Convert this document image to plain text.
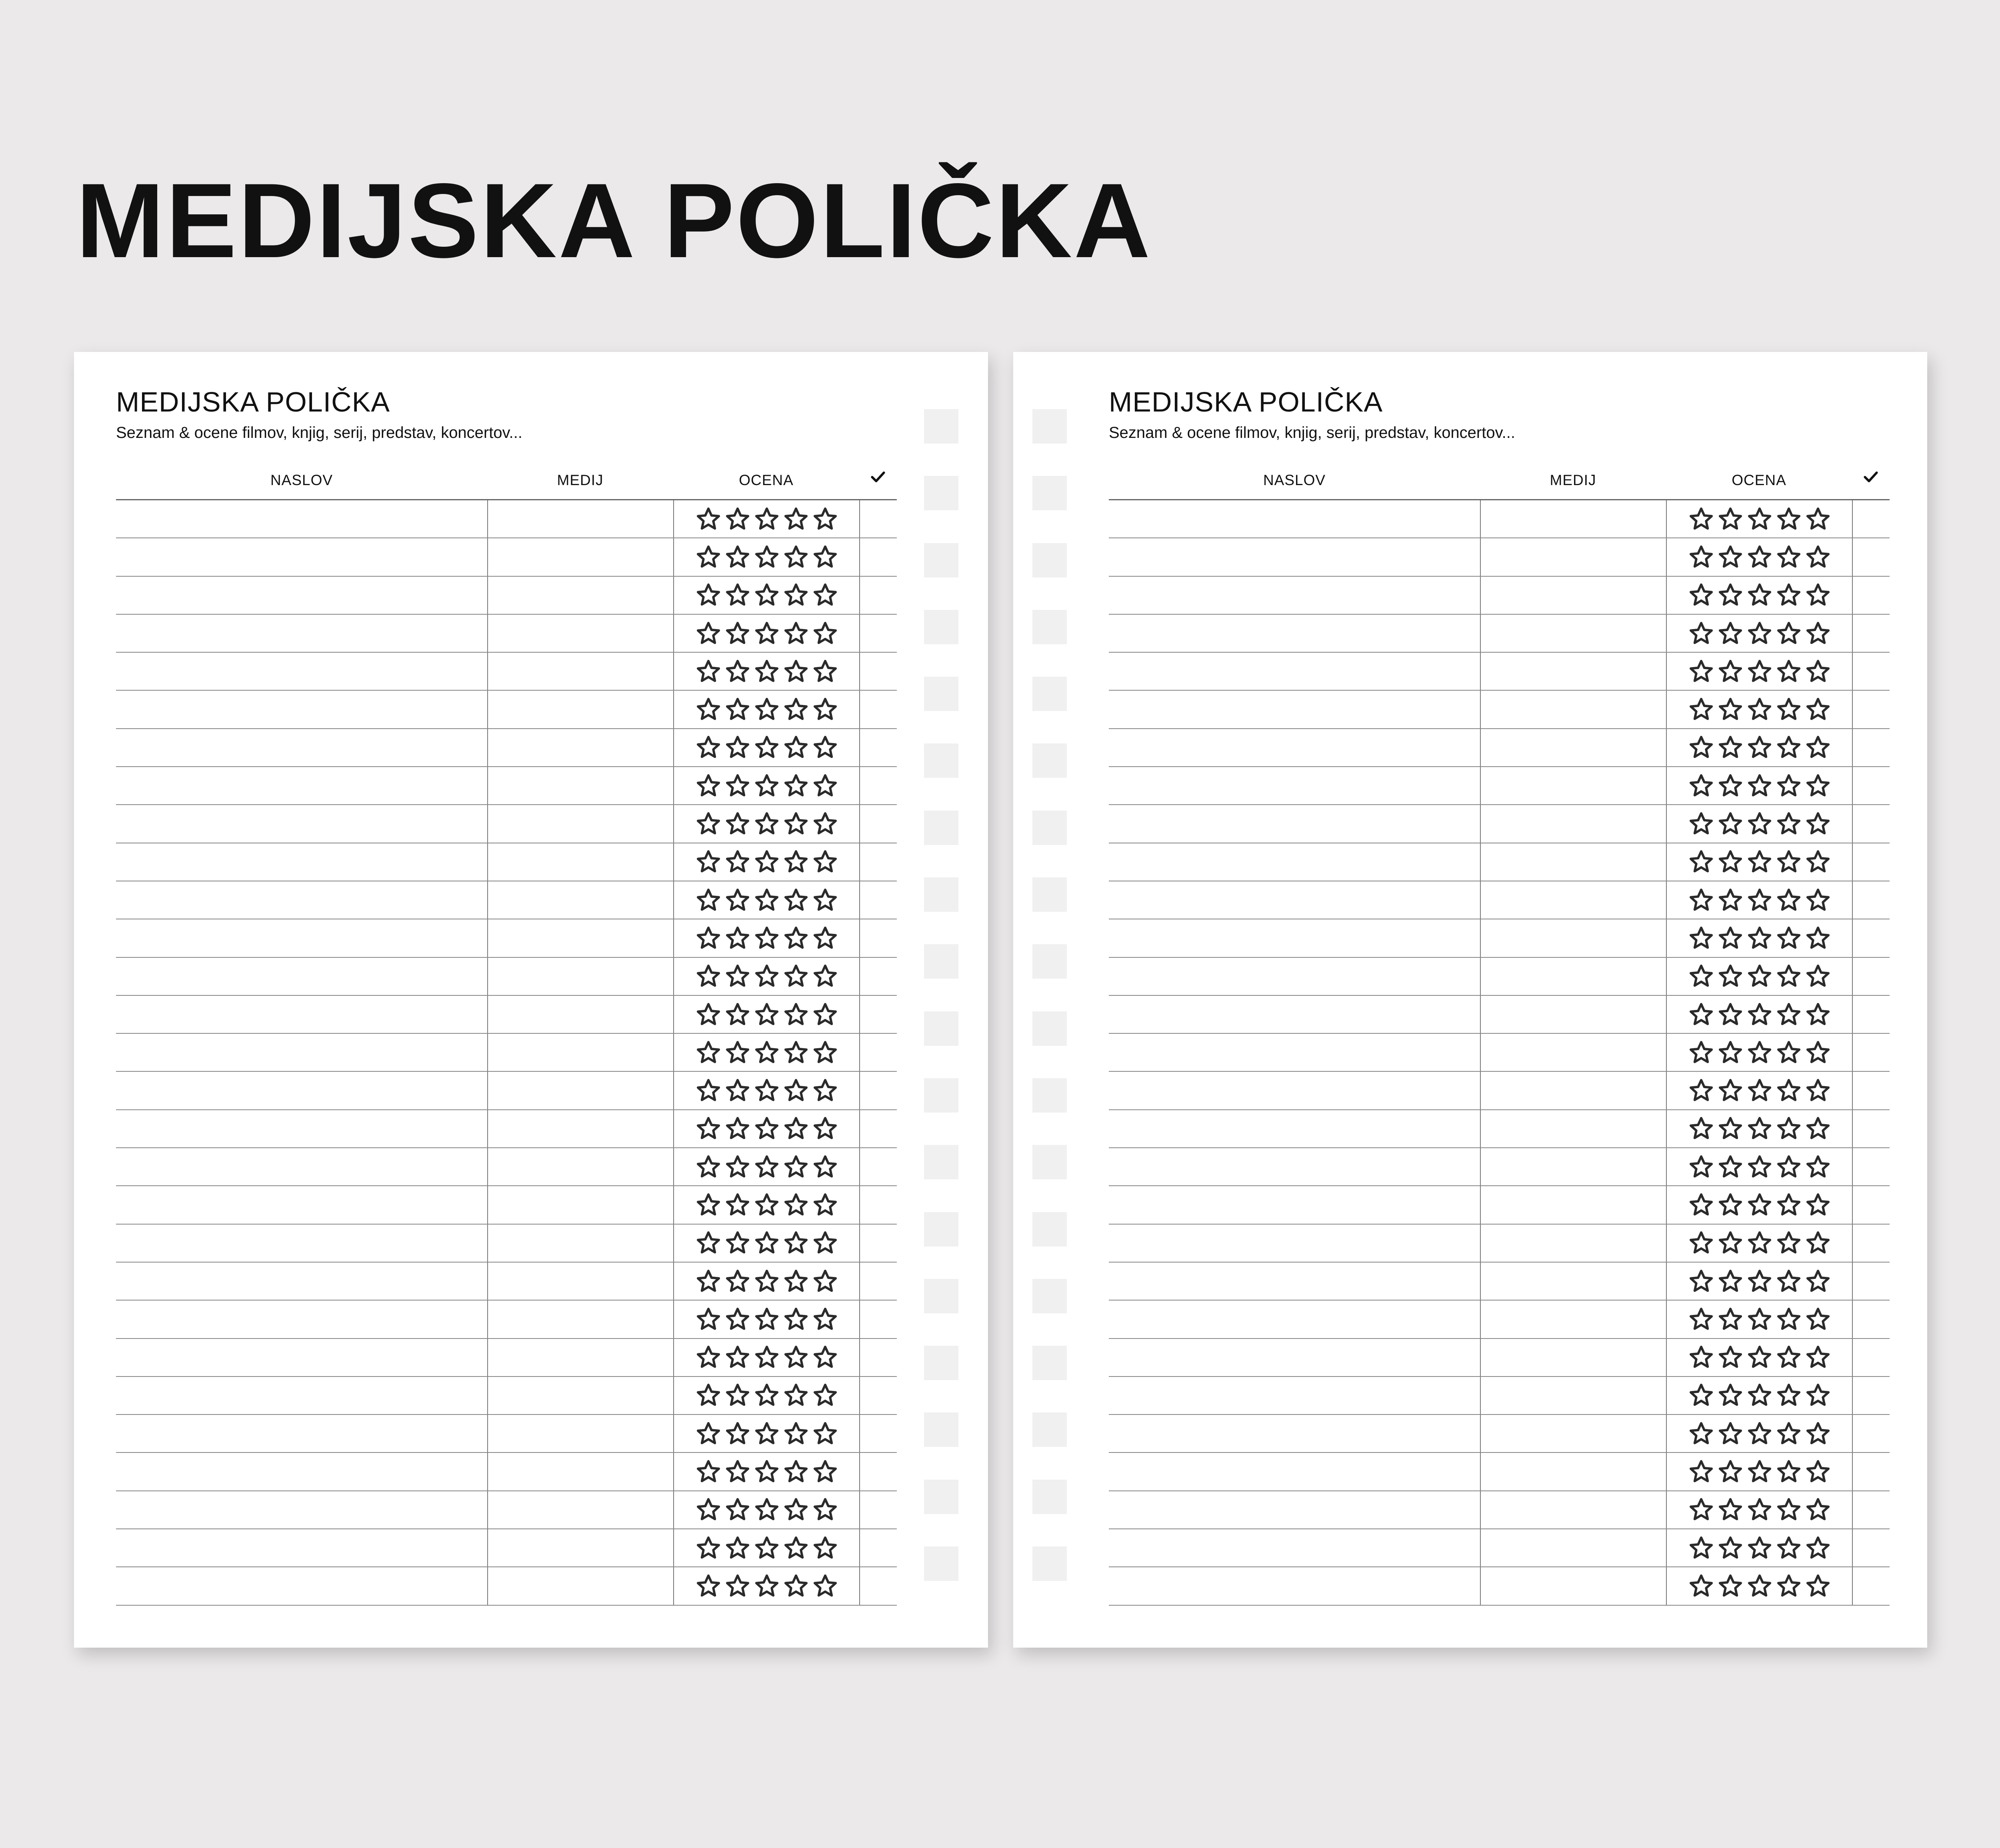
MEDIJSKA POLIČKA
MEDIJSKA POLIČKA
Seznam & ocene filmov, knjig, serij, predstav, koncertov...
NASLOV	MEDIJ	OCENA
MEDIJSKA POLIČKA
Seznam & ocene filmov, knjig, serij, predstav, koncertov...
NASLOV	MEDIJ	OCENA
